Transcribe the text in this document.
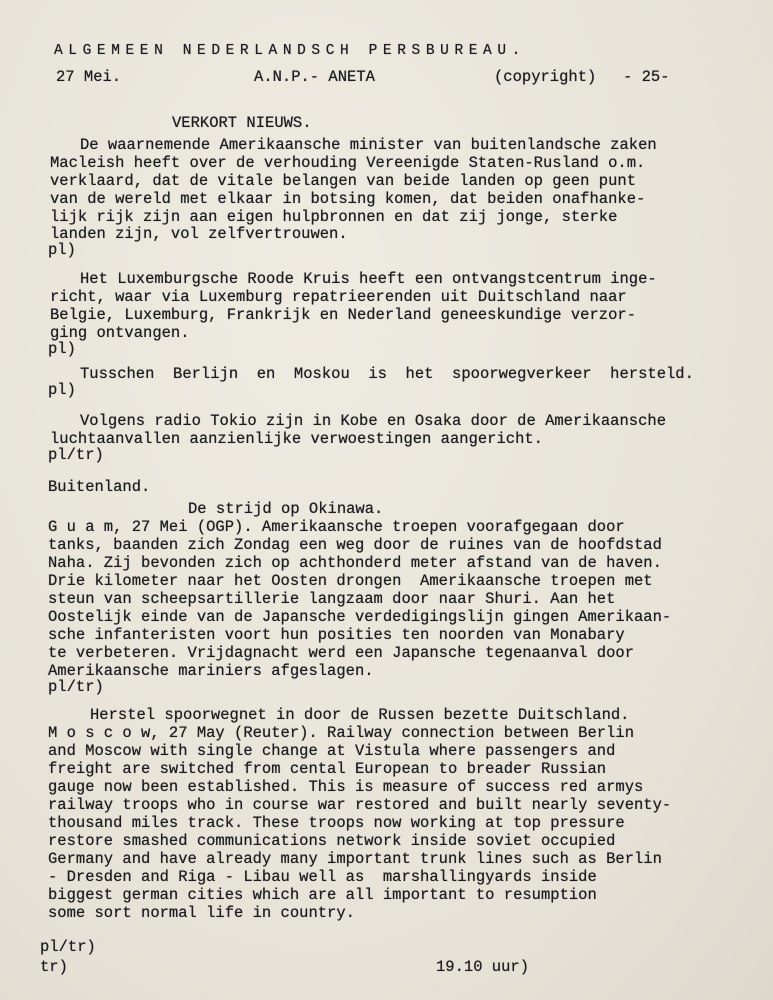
ALGEMEEN NEDERLANDSCH PERSBUREAU.
27 Mei.	A.N.P.- ANETA	(copyright) - 25-
VERKORT NIEUWS.
De waarnemende Amerikaansche minister van buitenlandsche zaken
Macleish heeft over de verhouding Vereenigde Staten-Rusland o.m.
verklaard, dat de vitale belangen van beide landen op geen punt
van de wereld met elkaar in botsing komen, dat beiden onafhanke-
lijk rijk zijn aan eigen hulpbronnen en dat zij jonge, sterke
landen zijn, vol zelfvertrouwen.
pl)
Het Luxemburgsche Roode Kruis heeft een ontvangstcentrum inge-
richt, waar via Luxemburg repatrieerenden uit Duitschland naar
Belgie, Luxemburg, Frankrijk en Nederland geneeskundige verzor-
ging ontvangen.
pl)
Tusschen  Berlijn  en  Moskou  is  het  spoorwegverkeer  hersteld.
pl)
Volgens radio Tokio zijn in Kobe en Osaka door de Amerikaansche
luchtaanvallen aanzienlijke verwoestingen aangericht.
pl/tr)
Buitenland.
De strijd op Okinawa.
G u a m, 27 Mei (OGP). Amerikaansche troepen voorafgegaan door
tanks, baanden zich Zondag een weg door de ruines van de hoofdstad
Naha. Zij bevonden zich op achthonderd meter afstand van de haven.
Drie kilometer naar het Oosten drongen  Amerikaansche troepen met
steun van scheepsartillerie langzaam door naar Shuri. Aan het
Oostelijk einde van de Japansche verdedigingslijn gingen Amerikaan-
sche infanteristen voort hun posities ten noorden van Monabary
te verbeteren. Vrijdagnacht werd een Japansche tegenaanval door
Amerikaansche mariniers afgeslagen.
pl/tr)
Herstel spoorwegnet in door de Russen bezette Duitschland.
M o s c o w, 27 May (Reuter). Railway connection between Berlin
and Moscow with single change at Vistula where passengers and
freight are switched from cental European to breader Russian
gauge now been established. This is measure of success red armys
railway troops who in course war restored and built nearly seventy-
thousand miles track. These troops now working at top pressure
restore smashed communications network inside soviet occupied
Germany and have already many important trunk lines such as Berlin
- Dresden and Riga - Libau well as  marshallingyards inside
biggest german cities which are all important to resumption
some sort normal life in country.
pl/tr)
tr)	19.10 uur)
